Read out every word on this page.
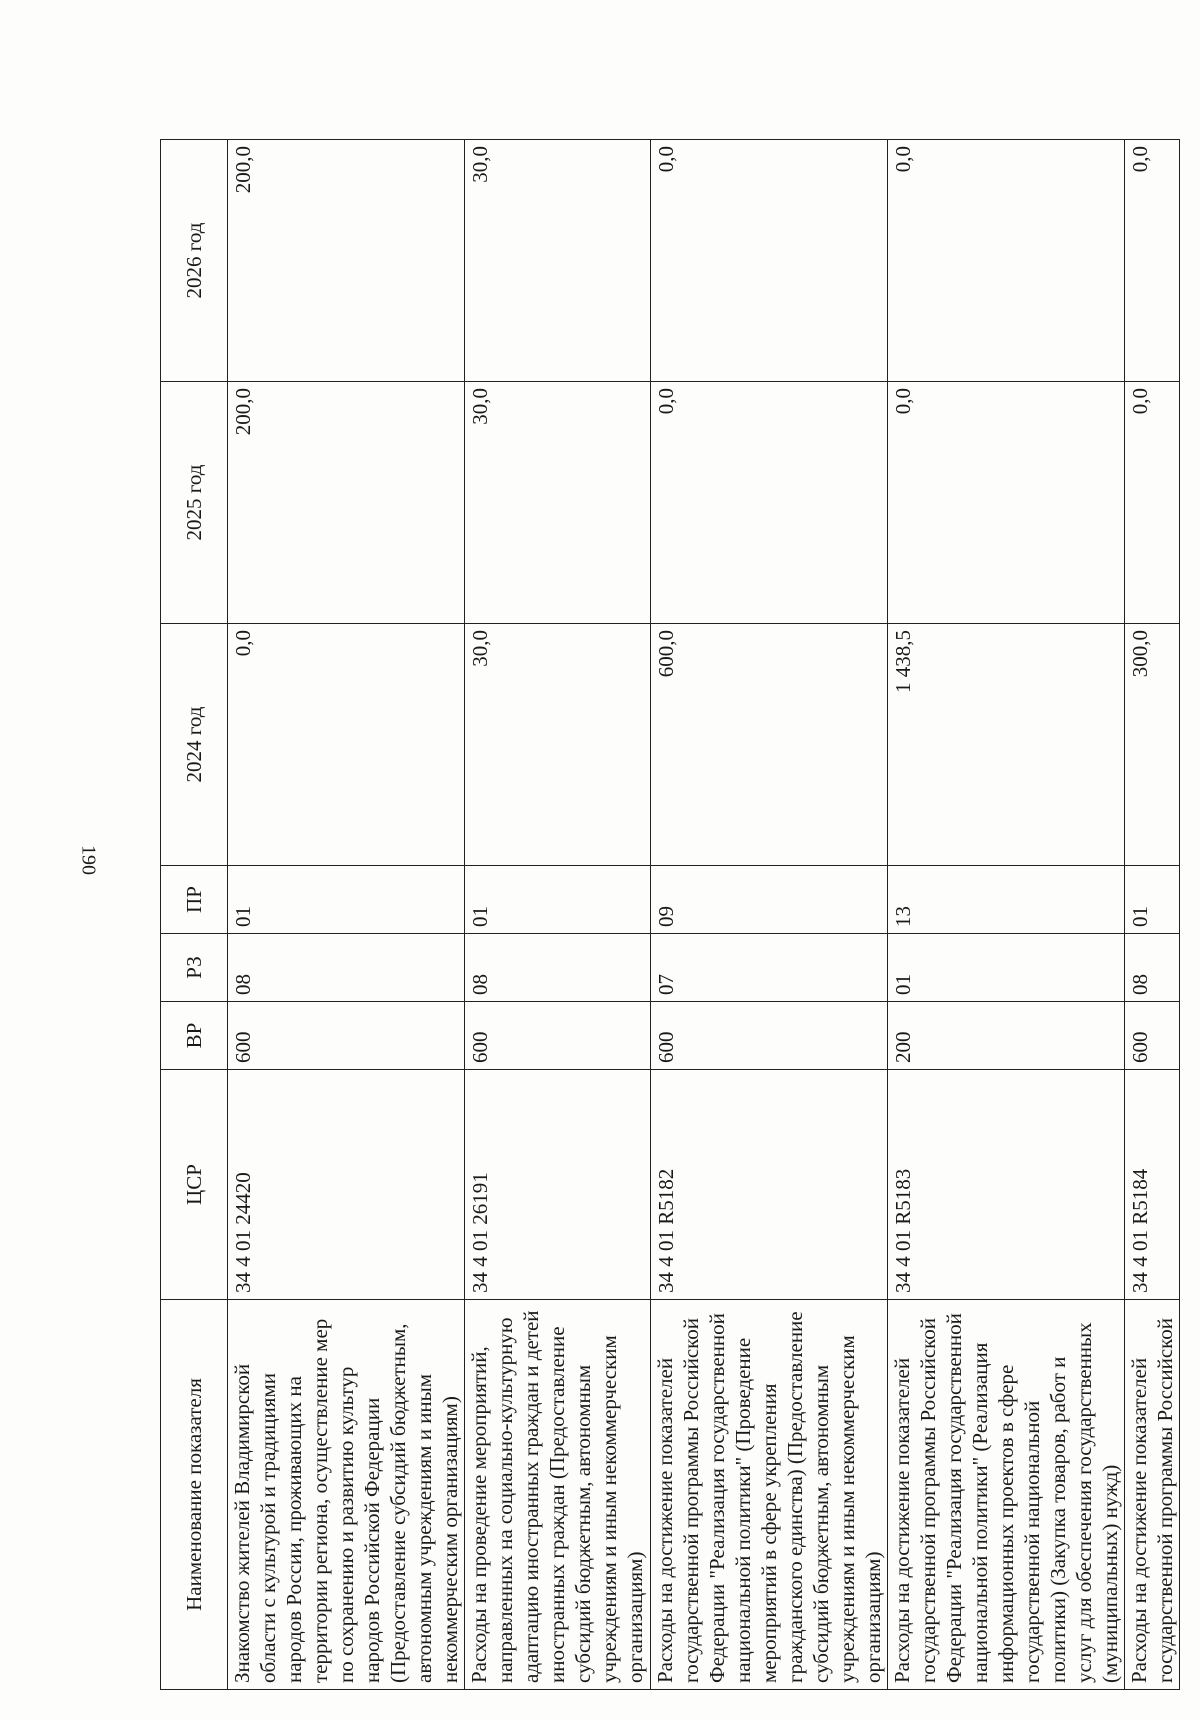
190
Наименование показателя	ЦСР	ВР	РЗ	ПР	2024 год	2025 год	2026 год
Знакомство жителей Владимирской области с культурой и традициями народов России, проживающих на территории региона, осуществление мер по сохранению и развитию культур народов Российской Федерации (Предоставление субсидий бюджетным, автономным учреждениям и иным некоммерческим организациям)	34 4 01 24420	600	08	01	0,0	200,0	200,0
Расходы на проведение мероприятий, направленных на социально-культурную адаптацию иностранных граждан и детей иностранных граждан (Предоставление субсидий бюджетным, автономным учреждениям и иным некоммерческим организациям)	34 4 01 26191	600	08	01	30,0	30,0	30,0
Расходы на достижение показателей государственной программы Российской Федерации "Реализация государственной национальной политики" (Проведение мероприятий в сфере укрепления гражданского единства) (Предоставление субсидий бюджетным, автономным учреждениям и иным некоммерческим организациям)	34 4 01 R5182	600	07	09	600,0	0,0	0,0
Расходы на достижение показателей государственной программы Российской Федерации "Реализация государственной национальной политики" (Реализация информационных проектов в сфере государственной национальной политики) (Закупка товаров, работ и услуг для обеспечения государственных (муниципальных) нужд)	34 4 01 R5183	200	01	13	1 438,5	0,0	0,0
Расходы на достижение показателей государственной программы Российской	34 4 01 R5184	600	08	01	300,0	0,0	0,0
